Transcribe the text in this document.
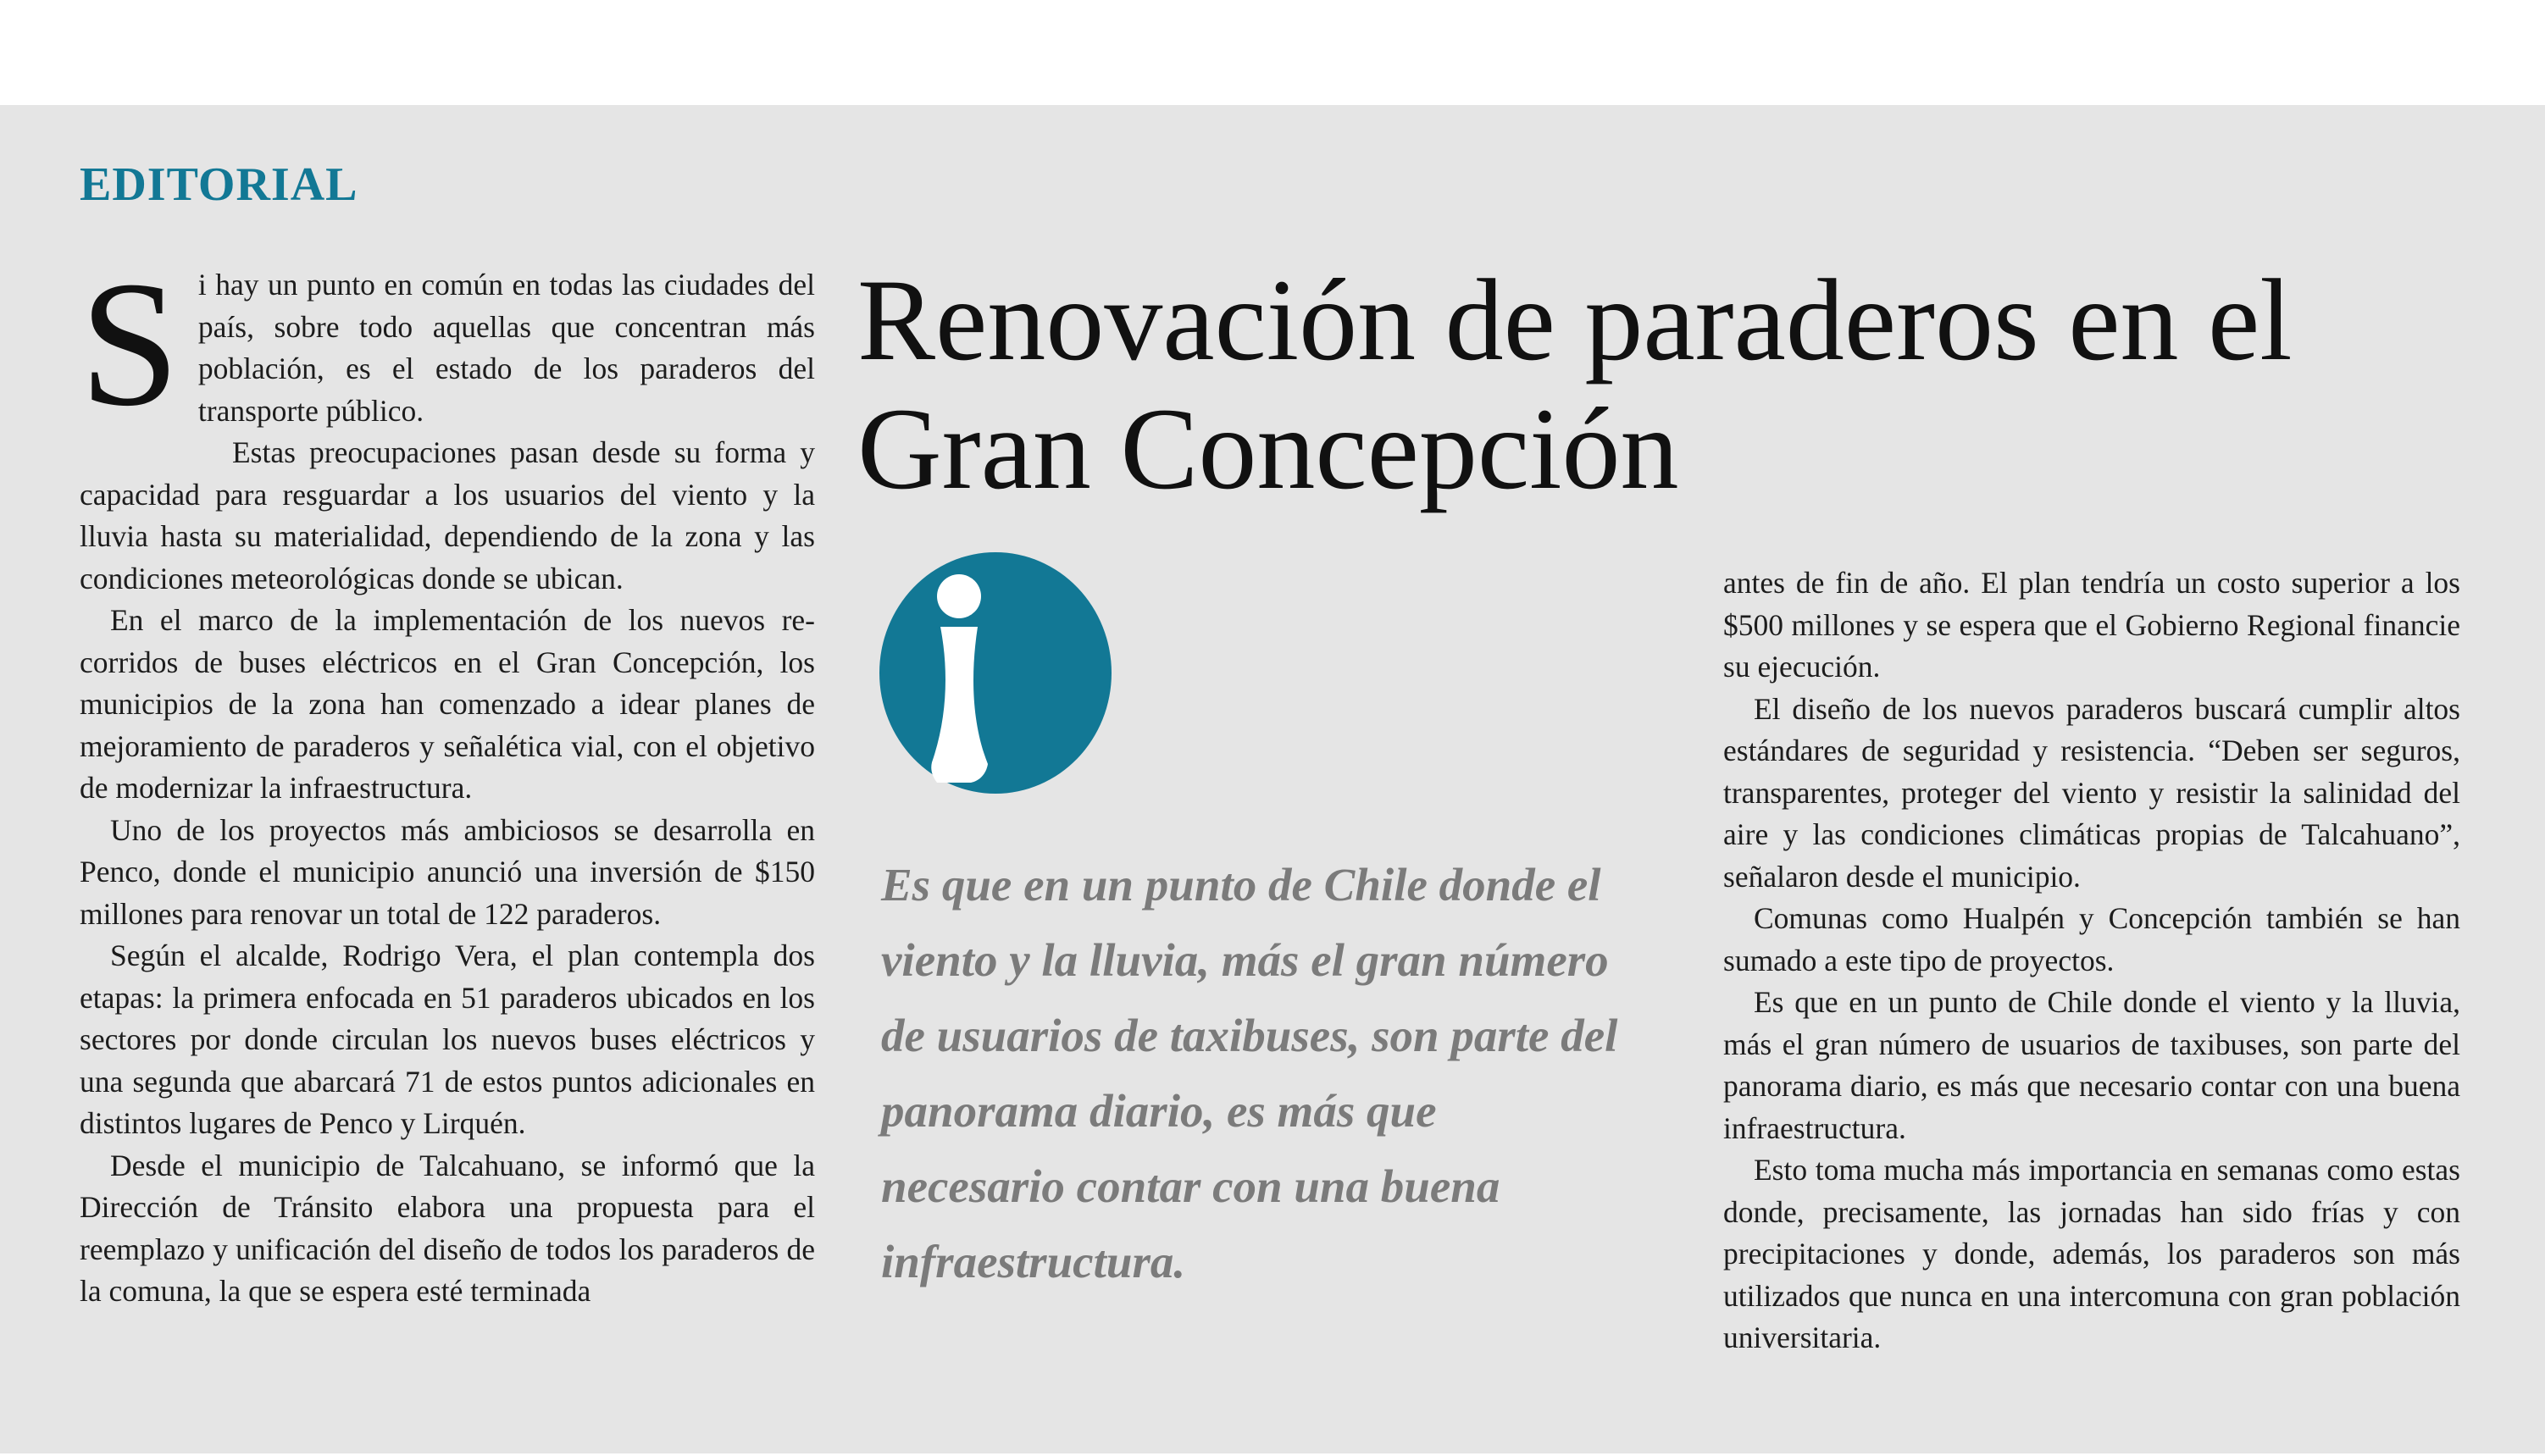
EDITORIAL

Si hay un punto en común en todas las ciudades del país, sobre todo aquellas que concentran más población, es el estado de los paraderos del transporte público.

Estas preocupaciones pasan desde su forma y capacidad para resguardar a los usuarios del viento y la lluvia hasta su materialidad, dependiendo de la zona y las condiciones meteorológicas donde se ubican.

En el marco de la implementación de los nuevos recorridos de buses eléctricos en el Gran Concepción, los municipios de la zona han comenzado a idear planes de mejoramiento de paraderos y señalética vial, con el objetivo de modernizar la infraestructura.

Uno de los proyectos más ambiciosos se desarrolla en Penco, donde el municipio anunció una inversión de $150 millones para renovar un total de 122 paraderos.

Según el alcalde, Rodrigo Vera, el plan contempla dos etapas: la primera enfocada en 51 paraderos ubicados en los sectores por donde circulan los nuevos buses eléctricos y una segunda que abarcará 71 de estos puntos adicionales en distintos lugares de Penco y Lirquén.

Desde el municipio de Talcahuano, se informó que la Dirección de Tránsito elabora una propuesta para el reemplazo y unificación del diseño de todos los paraderos de la comuna, la que se espera esté terminada

Renovación de paraderos en el Gran Concepción

Es que en un punto de Chile donde el viento y la lluvia, más el gran número de usuarios de taxibuses, son parte del panorama diario, es más que necesario contar con una buena infraestructura.

antes de fin de año. El plan tendría un costo superior a los $500 millones y se espera que el Gobierno Regional financie su ejecución.

El diseño de los nuevos paraderos buscará cumplir altos estándares de seguridad y resistencia. “Deben ser seguros, transparentes, proteger del viento y resistir la salinidad del aire y las condiciones climáticas propias de Talcahuano”, señalaron desde el municipio.

Comunas como Hualpén y Concepción también se han sumado a este tipo de proyectos.

Es que en un punto de Chile donde el viento y la lluvia, más el gran número de usuarios de taxibuses, son parte del panorama diario, es más que necesario contar con una buena infraestructura.

Esto toma mucha más importancia en semanas como estas donde, precisamente, las jornadas han sido frías y con precipitaciones y donde, además, los paraderos son más utilizados que nunca en una intercomuna con gran población universitaria.
